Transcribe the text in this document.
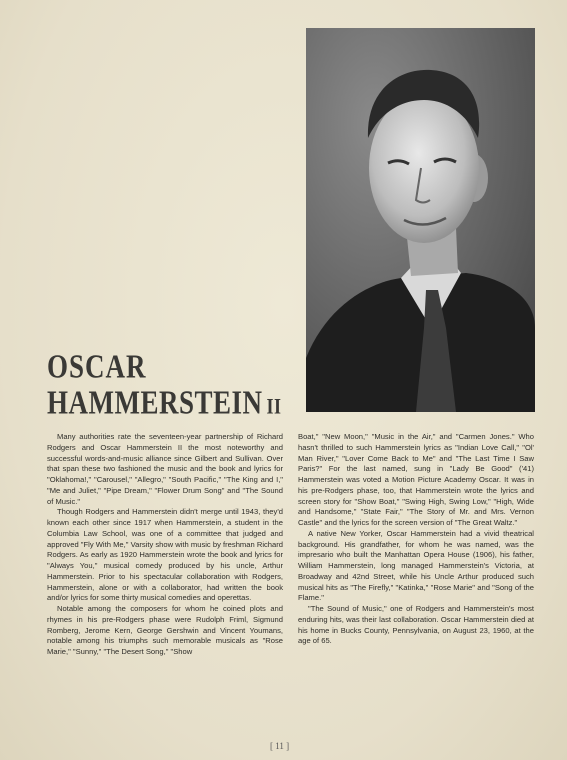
OSCAR
HAMMERSTEIN II

Many authorities rate the seventeen-year partnership of Richard Rodgers and Oscar Hammerstein II the most noteworthy and successful words-and-music alliance since Gilbert and Sullivan. Over that span these two fashioned the music and the book and lyrics for "Oklahoma!," "Carousel," "Allegro," "South Pacific," "The King and I," "Me and Juliet," "Pipe Dream," "Flower Drum Song" and "The Sound of Music."

Though Rodgers and Hammerstein didn't merge until 1943, they'd known each other since 1917 when Hammerstein, a student in the Columbia Law School, was one of a committee that judged and approved "Fly With Me," Varsity show with music by freshman Richard Rodgers. As early as 1920 Hammerstein wrote the book and lyrics for "Always You," musical comedy produced by his uncle, Arthur Hammerstein. Prior to his spectacular collaboration with Rodgers, Hammerstein, alone or with a collaborator, had written the book and/or lyrics for some thirty musical comedies and operettas.

Notable among the composers for whom he coined plots and rhymes in his pre-Rodgers phase were Rudolph Friml, Sigmund Romberg, Jerome Kern, George Gershwin and Vincent Youmans, notable among his triumphs such memorable musicals as "Rose Marie," "Sunny," "The Desert Song," "Show

Boat," "New Moon," "Music in the Air," and "Carmen Jones." Who hasn't thrilled to such Hammerstein lyrics as "Indian Love Call," "Ol' Man River," "Lover Come Back to Me" and "The Last Time I Saw Paris?" For the last named, sung in "Lady Be Good" ('41) Hammerstein was voted a Motion Picture Academy Oscar. It was in his pre-Rodgers phase, too, that Hammerstein wrote the lyrics and screen story for "Show Boat," "Swing High, Swing Low," "High, Wide and Handsome," "State Fair," "The Story of Mr. and Mrs. Vernon Castle" and the lyrics for the screen version of "The Great Waltz."

A native New Yorker, Oscar Hammerstein had a vivid theatrical background. His grandfather, for whom he was named, was the impresario who built the Manhattan Opera House (1906), his father, William Hammerstein, long managed Hammerstein's Victoria, at Broadway and 42nd Street, while his Uncle Arthur produced such musical hits as "The Firefly," "Katinka," "Rose Marie" and "Song of the Flame."

"The Sound of Music," one of Rodgers and Hammerstein's most enduring hits, was their last collaboration. Oscar Hammerstein died at his home in Bucks County, Pennsylvania, on August 23, 1960, at the age of 65.

[ 11 ]
